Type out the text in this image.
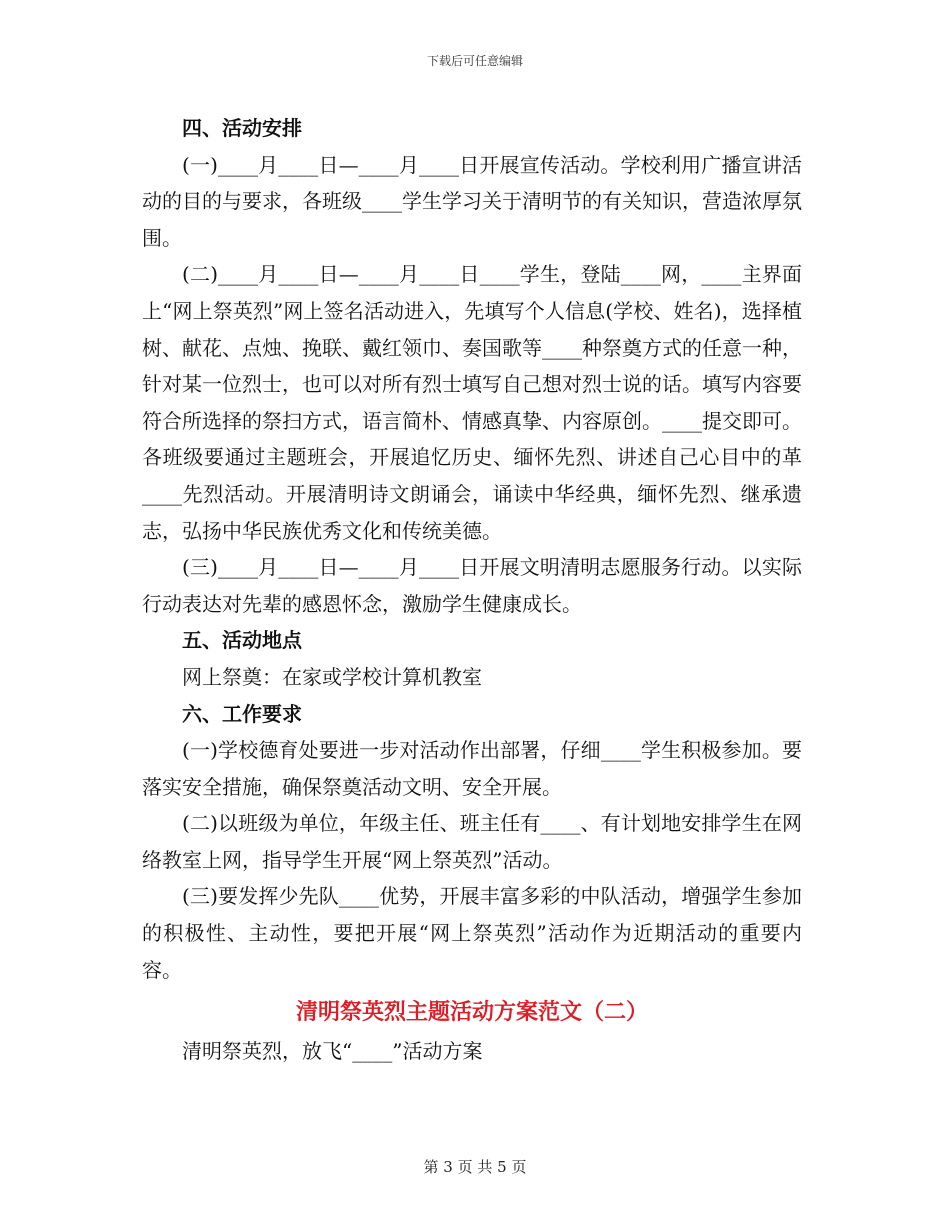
下载后可任意编辑

四、活动安排

(一)____月____日—____月____日开展宣传活动。学校利用广播宣讲活动的目的与要求，各班级____学生学习关于清明节的有关知识，营造浓厚氛围。

(二)____月____日—____月____日____学生，登陆____网，____主界面上“网上祭英烈”网上签名活动进入，先填写个人信息(学校、姓名)，选择植树、献花、点烛、挽联、戴红领巾、奏国歌等____种祭奠方式的任意一种，针对某一位烈士，也可以对所有烈士填写自己想对烈士说的话。填写内容要符合所选择的祭扫方式，语言简朴、情感真挚、内容原创。____提交即可。各班级要通过主题班会，开展追忆历史、缅怀先烈、讲述自己心目中的革____先烈活动。开展清明诗文朗诵会，诵读中华经典，缅怀先烈、继承遗志，弘扬中华民族优秀文化和传统美德。

(三)____月____日—____月____日开展文明清明志愿服务行动。以实际行动表达对先辈的感恩怀念，激励学生健康成长。

五、活动地点

网上祭奠：在家或学校计算机教室

六、工作要求

(一)学校德育处要进一步对活动作出部署，仔细____学生积极参加。要落实安全措施，确保祭奠活动文明、安全开展。

(二)以班级为单位，年级主任、班主任有____、有计划地安排学生在网络教室上网，指导学生开展“网上祭英烈”活动。

(三)要发挥少先队____优势，开展丰富多彩的中队活动，增强学生参加的积极性、主动性，要把开展“网上祭英烈”活动作为近期活动的重要内容。

清明祭英烈主题活动方案范文（二）

清明祭英烈，放飞“____”活动方案

第 3 页 共 5 页
